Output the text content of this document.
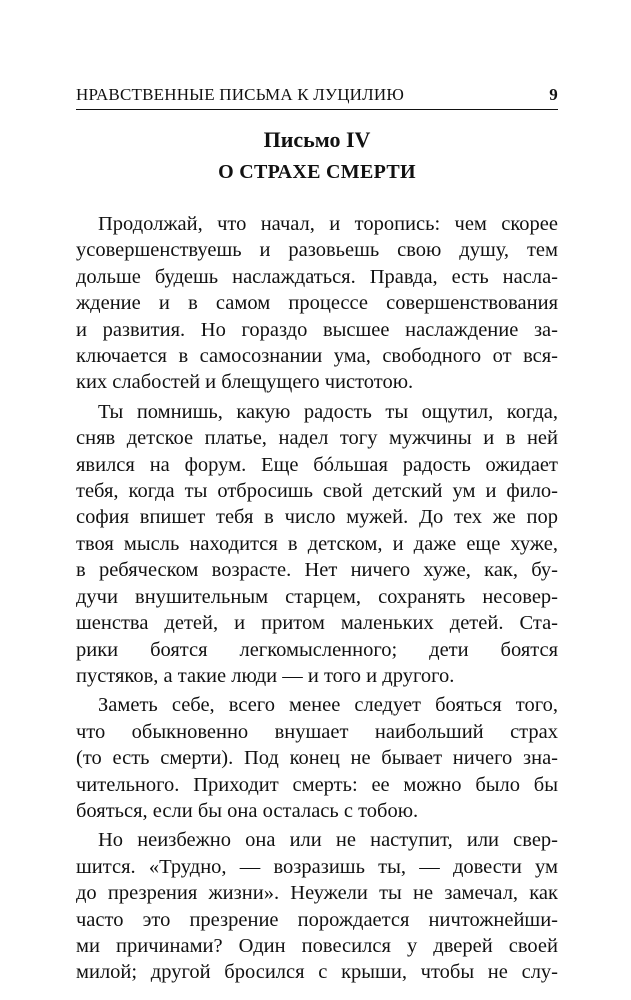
НРАВСТВЕННЫЕ ПИСЬМА К ЛУЦИЛИЮ	9
Письмо IV
О СТРАХЕ СМЕРТИ
Продолжай, что начал, и торопись: чем скорее
усовершенствуешь и разовьешь свою душу, тем
дольше будешь наслаждаться. Правда, есть насла-
ждение и в самом процессе совершенствования
и развития. Но гораздо высшее наслаждение за-
ключается в самосознании ума, свободного от вся-
ких слабостей и блещущего чистотою.
Ты помнишь, какую радость ты ощутил, когда,
сняв детское платье, надел тогу мужчины и в ней
явился на форум. Еще бóльшая радость ожидает
тебя, когда ты отбросишь свой детский ум и фило-
софия впишет тебя в число мужей. До тех же пор
твоя мысль находится в детском, и даже еще хуже,
в ребяческом возрасте. Нет ничего хуже, как, бу-
дучи внушительным старцем, сохранять несовер-
шенства детей, и притом маленьких детей. Ста-
рики боятся легкомысленного; дети боятся
пустяков, а такие люди — и того и другого.
Заметь себе, всего менее следует бояться того,
что обыкновенно внушает наибольший страх
(то есть смерти). Под конец не бывает ничего зна-
чительного. Приходит смерть: ее можно было бы
бояться, если бы она осталась с тобою.
Но неизбежно она или не наступит, или свер-
шится. «Трудно, — возразишь ты, — довести ум
до презрения жизни». Неужели ты не замечал, как
часто это презрение порождается ничтожнейши-
ми причинами? Один повесился у дверей своей
милой; другой бросился с крыши, чтобы не слу-
